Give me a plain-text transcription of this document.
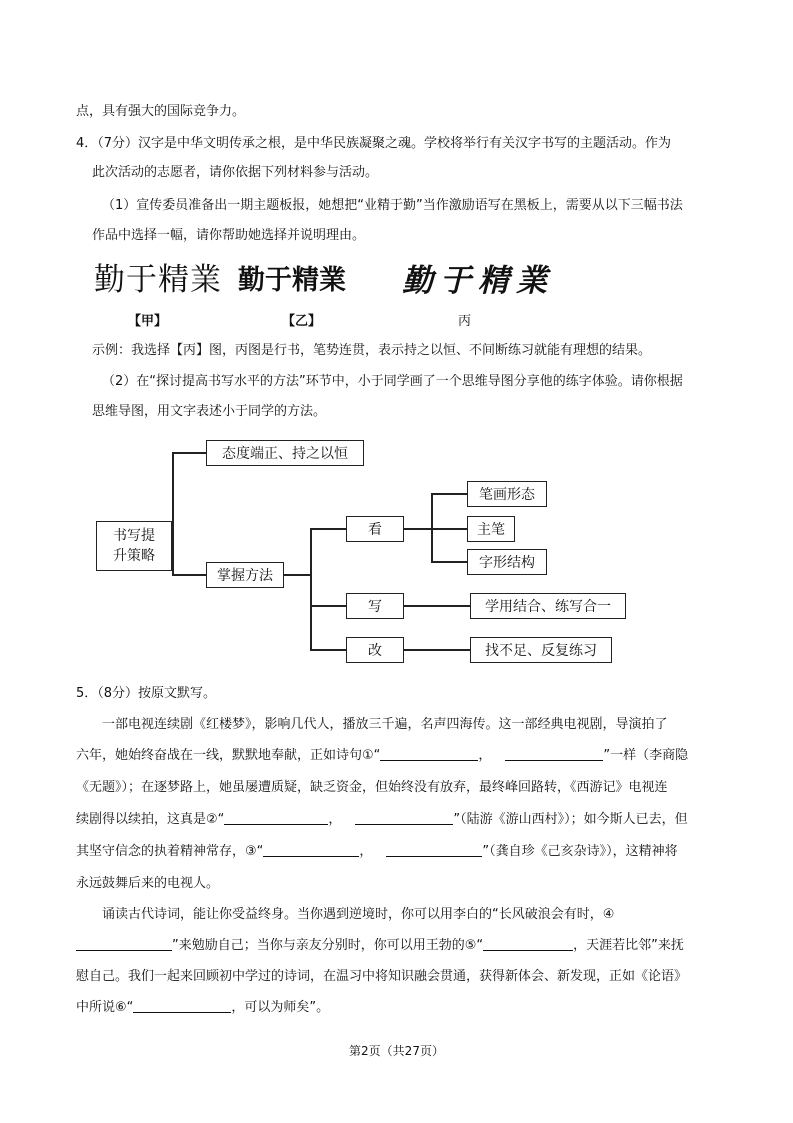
点，具有强大的国际竞争力。
4．（7分）汉字是中华文明传承之根，是中华民族凝聚之魂。学校将举行有关汉字书写的主题活动。作为
此次活动的志愿者，请你依据下列材料参与活动。
（1）宣传委员准备出一期主题板报，她想把“业精于勤”当作激励语写在黑板上，需要从以下三幅书法
作品中选择一幅，请你帮助她选择并说明理由。
勤于精業 勤于精業 勤于精業
【甲】	【乙】	丙
示例：我选择【丙】图，丙图是行书，笔势连贯，表示持之以恒、不间断练习就能有理想的结果。
（2）在“探讨提高书写水平的方法”环节中，小于同学画了一个思维导图分享他的练字体验。请你根据
思维导图，用文字表述小于同学的方法。
书写提
升策略
态度端正、持之以恒
掌握方法
看
写
改
笔画形态
主笔
字形结构
学用结合、练写合一
找不足、反复练习
5．（8分）按原文默写。
一部电视连续剧《红楼梦》，影响几代人，播放三千遍，名声四海传。这一部经典电视剧，导演拍了
六年，她始终奋战在一线，默默地奉献，正如诗句①“	，	”一样（李商隐
《无题》）；在逐梦路上，她虽屡遭质疑，缺乏资金，但始终没有放弃，最终峰回路转，《西游记》电视连
续剧得以续拍，这真是②“	，	”（陆游《游山西村》）；如今斯人已去，但
其坚守信念的执着精神常存，③“	，	”（龚自珍《己亥杂诗》），这精神将
永远鼓舞后来的电视人。
诵读古代诗词，能让你受益终身。当你遇到逆境时，你可以用李白的“长风破浪会有时，④
”来勉励自己；当你与亲友分别时，你可以用王勃的⑤“	，天涯若比邻”来抚
慰自己。我们一起来回顾初中学过的诗词，在温习中将知识融会贯通，获得新体会、新发现，正如《论语》
中所说⑥“	，可以为师矣”。
第2页（共27页）
